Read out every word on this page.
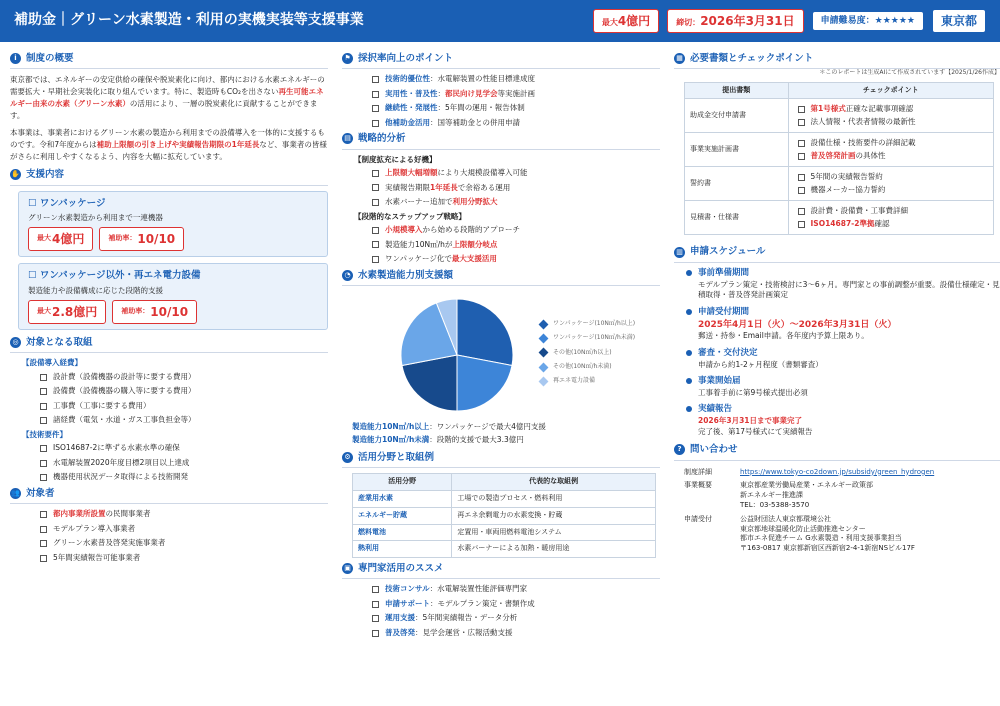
補助金｜グリーン水素製造・利用の実機実装等支援事業	最大4億円	締切：2026年3月31日	申請難易度：★★★★★	東京都
i 制度の概要

東京都では、エネルギーの安定供給の確保や脱炭素化に向け、都内における水素エネルギーの需要拡大・早期社会実装化に取り組んでいます。特に、製造時もCO₂を出さない再生可能エネルギー由来の水素（グリーン水素）の活用により、一層の脱炭素化に貢献することができます。

本事業は、事業者におけるグリーン水素の製造から利用までの設備導入を一体的に支援するものです。令和7年度からは補助上限額の引き上げや実績報告期限の1年延長など、事業者の皆様がさらに利用しやすくなるよう、内容を大幅に拡充しています。

✋ 支援内容
☐ ワンパッケージ
グリーン水素製造から利用まで一連機器
最大 4億円	補助率： 10/10
☐ ワンパッケージ以外・再エネ電力設備
製造能力や設備構成に応じた段階的支援
最大 2.8億円	補助率： 10/10
◎ 対象となる取組
【設備導入経費】
設計費（設備機器の設計等に要する費用）
設備費（設備機器の購入等に要する費用）
工事費（工事に要する費用）
諸経費（電気・水道・ガス工事負担金等）
【技術要件】
ISO14687-2に準ずる水素水準の確保
水電解装置2020年度目標2項目以上達成
機器使用状況データ取得による技術開発
👥 対象者
都内事業所設置の民間事業者
モデルプラン導入事業者
グリーン水素普及啓発実施事業者
5年間実績報告可能事業者
⚑ 採択率向上のポイント
技術的優位性：水電解装置の性能目標達成度
実用性・普及性：都民向け見学会等実施計画
継続性・発展性：5年間の運用・報告体制
他補助金活用：国等補助金との併用申請
▤ 戦略的分析
【制度拡充による好機】
上限額大幅増額により大規模設備導入可能
実績報告期限1年延長で余裕ある運用
水素バーナー追加で利用分野拡大
【段階的なステップアップ戦略】
小規模導入から始める段階的アプローチ
製造能力10N㎥/hが上限額分岐点
ワンパッケージ化で最大支援活用
◔ 水素製造能力別支援額
ワンパッケージ(10N㎥/h以上)
ワンパッケージ(10N㎥/h未満)
その他(10N㎥/h以上)
その他(10N㎥/h未満)
再エネ電力設備

製造能力10N㎥/h以上：ワンパッケージで最大4億円支援

製造能力10N㎥/h未満：段階的支援で最大3.3億円

⚙ 活用分野と取組例
活用分野	代表的な取組例
産業用水素	工場での製造プロセス・燃料利用
エネルギー貯蔵	再エネ余剰電力の水素変換・貯蔵
燃料電池	定置用・車両用燃料電池システム
熱利用	水素バーナーによる加熱・暖房用途
▣ 専門家活用のススメ
技術コンサル：水電解装置性能評価専門家
申請サポート：モデルプラン策定・書類作成
運用支援：5年間実績報告・データ分析
普及啓発：見学会運営・広報活動支援
▦ 必要書類とチェックポイント
＊このレポートは生成AIにて作成されています【2025/1/26作成】
提出書類	チェックポイント
助成金交付申請書	第1号様式正確な記載事項確認
法人情報・代表者情報の最新性

事業実施計画書	設備仕様・技術要件の詳細記載
普及啓発計画の具体性

誓約書	5年間の実績報告誓約
機器メーカー協力誓約

見積書・仕様書	設計費・設備費・工事費詳細
ISO14687-2準拠確認
▥ 申請スケジュール
事前準備期間
モデルプラン策定・技術検討に3〜6ヶ月。専門家との事前調整が重要。設備仕様確定・見積取得・普及啓発計画策定
申請受付期間
2025年4月1日（火）〜2026年3月31日（火）
郵送・持参・Email申請。各年度内予算上限あり。
審査・交付決定
申請から約1-2ヶ月程度（書類審査）
事業開始届
工事着手前に第9号様式提出必須
実績報告
2026年3月31日まで事業完了
完了後、第17号様式にて実績報告
? 問い合わせ
制度詳細	https://www.tokyo-co2down.jp/subsidy/green_hydrogen
事業概要	東京都産業労働局産業・エネルギー政策部
新エネルギー推進課
TEL：03-5388-3570
申請受付	公益財団法人東京都環境公社
東京都地球温暖化防止活動推進センター
都市エネ促進チーム G水素製造・利用支援事業担当
〒163-0817 東京都新宿区西新宿2-4-1新宿NSビル17F
